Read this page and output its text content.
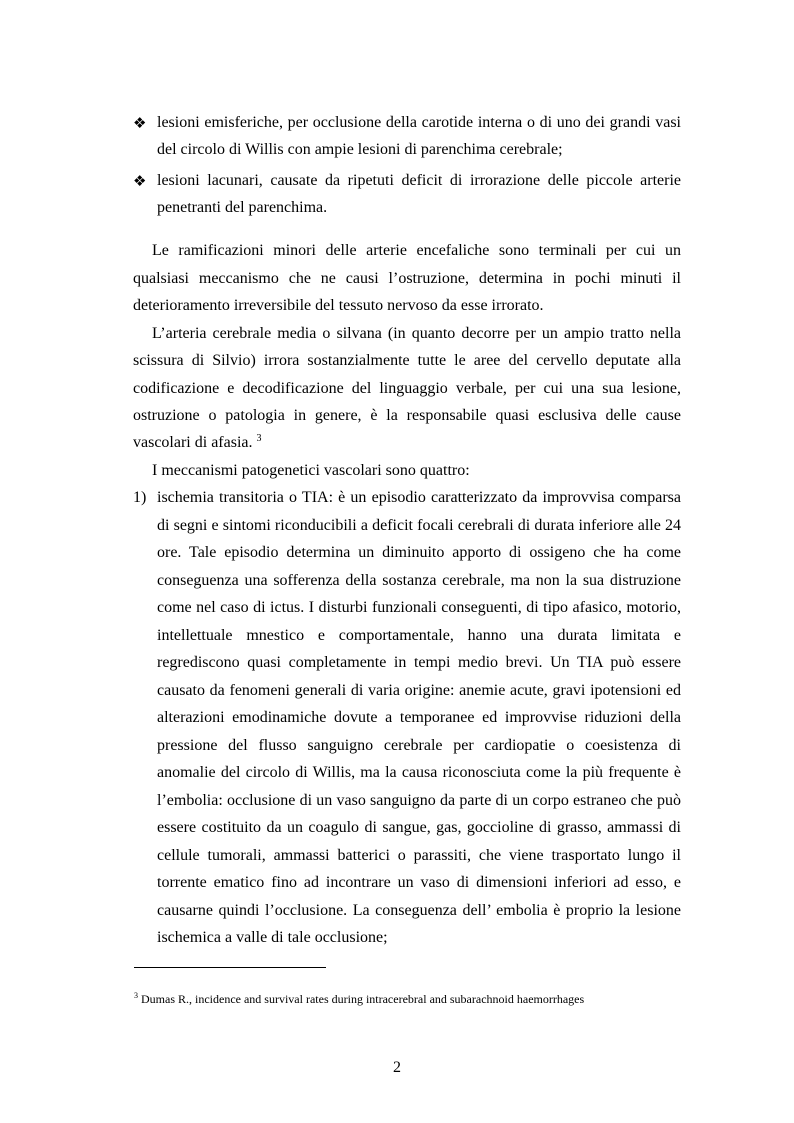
❖ lesioni emisferiche, per occlusione della carotide interna o di uno dei grandi vasi
del circolo di Willis con ampie lesioni di parenchima cerebrale;
❖ lesioni lacunari, causate da ripetuti deficit di irrorazione delle piccole arterie
penetranti del parenchima.
Le ramificazioni minori delle arterie encefaliche sono terminali per cui un
qualsiasi meccanismo che ne causi l’ostruzione, determina in pochi minuti il
deterioramento irreversibile del tessuto nervoso da esse irrorato.
L’arteria cerebrale media o silvana (in quanto decorre per un ampio tratto nella
scissura di Silvio) irrora sostanzialmente tutte le aree del cervello deputate alla
codificazione e decodificazione del linguaggio verbale, per cui una sua lesione,
ostruzione o patologia in genere, è la responsabile quasi esclusiva delle cause
vascolari di afasia. $^3$
I meccanismi patogenetici vascolari sono quattro:
1) ischemia transitoria o TIA: è un episodio caratterizzato da improvvisa comparsa
di segni e sintomi riconducibili a deficit focali cerebrali di durata inferiore alle 24
ore. Tale episodio determina un diminuito apporto di ossigeno che ha come
conseguenza una sofferenza della sostanza cerebrale, ma non la sua distruzione
come nel caso di ictus. I disturbi funzionali conseguenti, di tipo afasico, motorio,
intellettuale mnestico e comportamentale, hanno una durata limitata e
regrediscono quasi completamente in tempi medio brevi. Un TIA può essere
causato da fenomeni generali di varia origine: anemie acute, gravi ipotensioni ed
alterazioni emodinamiche dovute a temporanee ed improvvise riduzioni della
pressione del flusso sanguigno cerebrale per cardiopatie o coesistenza di
anomalie del circolo di Willis, ma la causa riconosciuta come la più frequente è
l’embolia: occlusione di un vaso sanguigno da parte di un corpo estraneo che può
essere costituito da un coagulo di sangue, gas, goccioline di grasso, ammassi di
cellule tumorali, ammassi batterici o parassiti, che viene trasportato lungo il
torrente ematico fino ad incontrare un vaso di dimensioni inferiori ad esso, e
causarne quindi l’occlusione. La conseguenza dell’ embolia è proprio la lesione
ischemica a valle di tale occlusione;
$^3$ Dumas R., incidence and survival rates during intracerebral and subarachnoid haemorrhages
2
